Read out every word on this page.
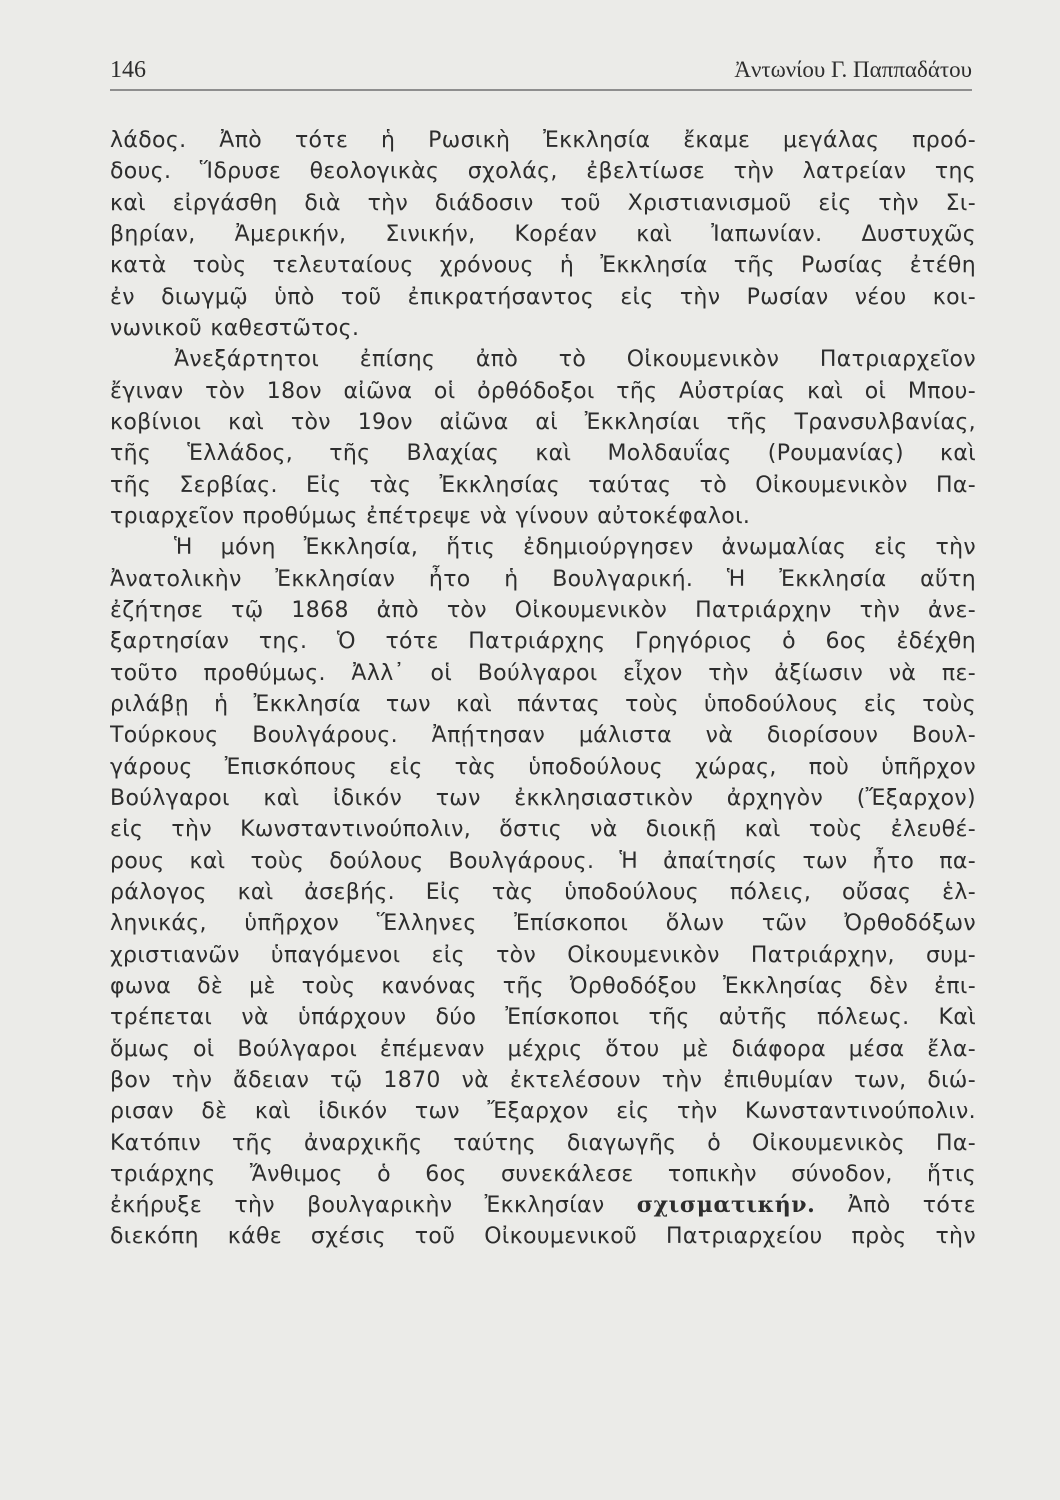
146	Ἀντωνίου Γ. Παππαδάτου
λάδος. Ἀπὸ τότε ἡ Ρωσικὴ Ἐκκλησία ἔκαμε μεγάλας προό-
δους. Ἵδρυσε θεολογικὰς σχολάς, ἐβελτίωσε τὴν λατρείαν της
καὶ εἰργάσθη διὰ τὴν διάδοσιν τοῦ Χριστιανισμοῦ εἰς τὴν Σι-
βηρίαν, Ἀμερικήν, Σινικήν, Κορέαν καὶ Ἰαπωνίαν. Δυστυχῶς
κατὰ τοὺς τελευταίους χρόνους ἡ Ἐκκλησία τῆς Ρωσίας ἐτέθη
ἐν διωγμῷ ὑπὸ τοῦ ἐπικρατήσαντος εἰς τὴν Ρωσίαν νέου κοι-
νωνικοῦ καθεστῶτος.
Ἀνεξάρτητοι ἐπίσης ἀπὸ τὸ Οἰκουμενικὸν Πατριαρχεῖον
ἔγιναν τὸν 18ον αἰῶνα οἱ ὀρθόδοξοι τῆς Αὐστρίας καὶ οἱ Μπου-
κοβίνιοι καὶ τὸν 19ον αἰῶνα αἱ Ἐκκλησίαι τῆς Τρανσυλβανίας,
τῆς Ἑλλάδος, τῆς Βλαχίας καὶ Μολδαυΐας (Ρουμανίας) καὶ
τῆς Σερβίας. Εἰς τὰς Ἐκκλησίας ταύτας τὸ Οἰκουμενικὸν Πα-
τριαρχεῖον προθύμως ἐπέτρεψε νὰ γίνουν αὐτοκέφαλοι.
Ἡ μόνη Ἐκκλησία, ἥτις ἐδημιούργησεν ἀνωμαλίας εἰς τὴν
Ἀνατολικὴν Ἐκκλησίαν ἦτο ἡ Βουλγαρική. Ἡ Ἐκκλησία αὕτη
ἐζήτησε τῷ 1868 ἀπὸ τὸν Οἰκουμενικὸν Πατριάρχην τὴν ἀνε-
ξαρτησίαν της. Ὁ τότε Πατριάρχης Γρηγόριος ὁ 6ος ἐδέχθη
τοῦτο προθύμως. Ἀλλ᾿ οἱ Βούλγαροι εἶχον τὴν ἀξίωσιν νὰ πε-
ριλάβῃ ἡ Ἐκκλησία των καὶ πάντας τοὺς ὑποδούλους εἰς τοὺς
Τούρκους Βουλγάρους. Ἀπῄτησαν μάλιστα νὰ διορίσουν Βουλ-
γάρους Ἐπισκόπους εἰς τὰς ὑποδούλους χώρας, ποὺ ὑπῆρχον
Βούλγαροι καὶ ἰδικόν των ἐκκλησιαστικὸν ἀρχηγὸν (Ἔξαρχον)
εἰς τὴν Κωνσταντινούπολιν, ὅστις νὰ διοικῇ καὶ τοὺς ἐλευθέ-
ρους καὶ τοὺς δούλους Βουλγάρους. Ἡ ἀπαίτησίς των ἦτο πα-
ράλογος καὶ ἀσεβής. Εἰς τὰς ὑποδούλους πόλεις, οὔσας ἑλ-
ληνικάς, ὑπῆρχον Ἕλληνες Ἐπίσκοποι ὅλων τῶν Ὀρθοδόξων
χριστιανῶν ὑπαγόμενοι εἰς τὸν Οἰκουμενικὸν Πατριάρχην, συμ-
φωνα δὲ μὲ τοὺς κανόνας τῆς Ὀρθοδόξου Ἐκκλησίας δὲν ἐπι-
τρέπεται νὰ ὑπάρχουν δύο Ἐπίσκοποι τῆς αὐτῆς πόλεως. Καὶ
ὅμως οἱ Βούλγαροι ἐπέμεναν μέχρις ὅτου μὲ διάφορα μέσα ἔλα-
βον τὴν ἄδειαν τῷ 1870 νὰ ἐκτελέσουν τὴν ἐπιθυμίαν των, διώ-
ρισαν δὲ καὶ ἰδικόν των Ἔξαρχον εἰς τὴν Κωνσταντινούπολιν.
Κατόπιν τῆς ἀναρχικῆς ταύτης διαγωγῆς ὁ Οἰκουμενικὸς Πα-
τριάρχης Ἄνθιμος ὁ 6ος συνεκάλεσε τοπικὴν σύνοδον, ἥτις
ἐκήρυξε τὴν βουλγαρικὴν Ἐκκλησίαν σχισματικήν. Ἀπὸ τότε
διεκόπη κάθε σχέσις τοῦ Οἰκουμενικοῦ Πατριαρχείου πρὸς τὴν
